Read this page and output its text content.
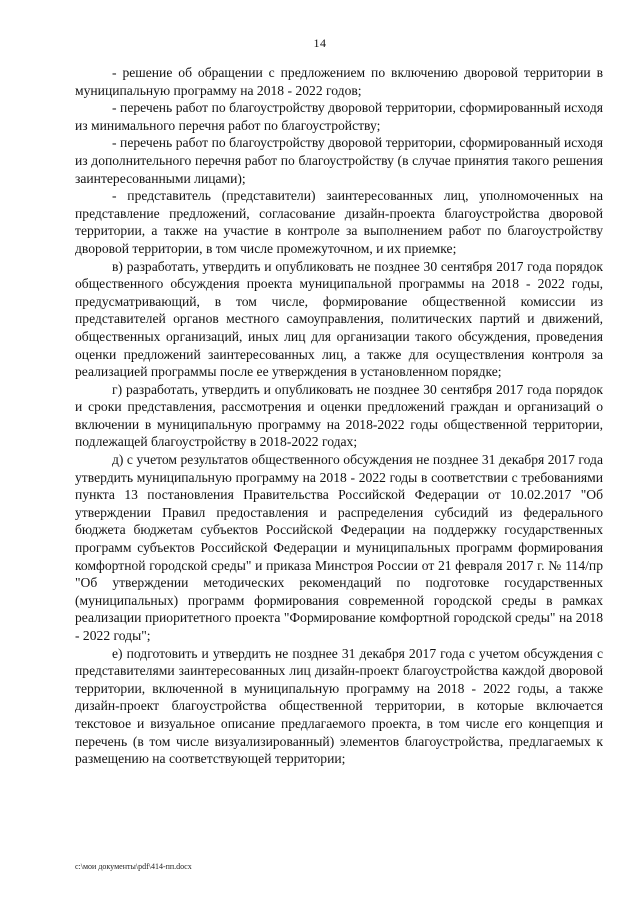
14

- решение об обращении с предложением по включению дворовой территории в муниципальную программу на 2018 - 2022 годов;

- перечень работ по благоустройству дворовой территории, сформированный исходя из минимального перечня работ по благоустройству;

- перечень работ по благоустройству дворовой территории, сформированный исходя из дополнительного перечня работ по благоустройству (в случае принятия такого решения заинтересованными лицами);

- представитель (представители) заинтересованных лиц, уполномоченных на представление предложений, согласование дизайн-проекта благоустройства дворовой территории, а также на участие в контроле за выполнением работ по благоустройству дворовой территории, в том числе промежуточном, и их приемке;

в) разработать, утвердить и опубликовать не позднее 30 сентября 2017 года порядок общественного обсуждения проекта муниципальной программы на 2018 - 2022 годы, предусматривающий, в том числе, формирование общественной комиссии из представителей органов местного самоуправления, политических партий и движений, общественных организаций, иных лиц для организации такого обсуждения, проведения оценки предложений заинтересованных лиц, а также для осуществления контроля за реализацией программы после ее утверждения в установленном порядке;

г) разработать, утвердить и опубликовать не позднее 30 сентября 2017 года порядок и сроки представления, рассмотрения и оценки предложений граждан и организаций о включении в муниципальную программу на 2018-2022 годы общественной территории, подлежащей благоустройству в 2018-2022 годах;

д) с учетом результатов общественного обсуждения не позднее 31 декабря 2017 года утвердить муниципальную программу на 2018 - 2022 годы в соответствии с требованиями пункта 13 постановления Правительства Российской Федерации от 10.02.2017 "Об утверждении Правил предоставления и распределения субсидий из федерального бюджета бюджетам субъектов Российской Федерации на поддержку государственных программ субъектов Российской Федерации и муниципальных программ формирования комфортной городской среды" и приказа Минстроя России от 21 февраля 2017 г. № 114/пр "Об утверждении методических рекомендаций по подготовке государственных (муниципальных) программ формирования современной городской среды в рамках реализации приоритетного проекта "Формирование комфортной городской среды" на 2018 - 2022 годы";

е) подготовить и утвердить не позднее 31 декабря 2017 года с учетом обсуждения с представителями заинтересованных лиц дизайн-проект благоустройства каждой дворовой территории, включенной в муниципальную программу на 2018 - 2022 годы, а также дизайн-проект благоустройства общественной территории, в которые включается текстовое и визуальное описание предлагаемого проекта, в том числе его концепция и перечень (в том числе визуализированный) элементов благоустройства, предлагаемых к размещению на соответствующей территории;

c:\мои документы\pdf\414-пп.docx
